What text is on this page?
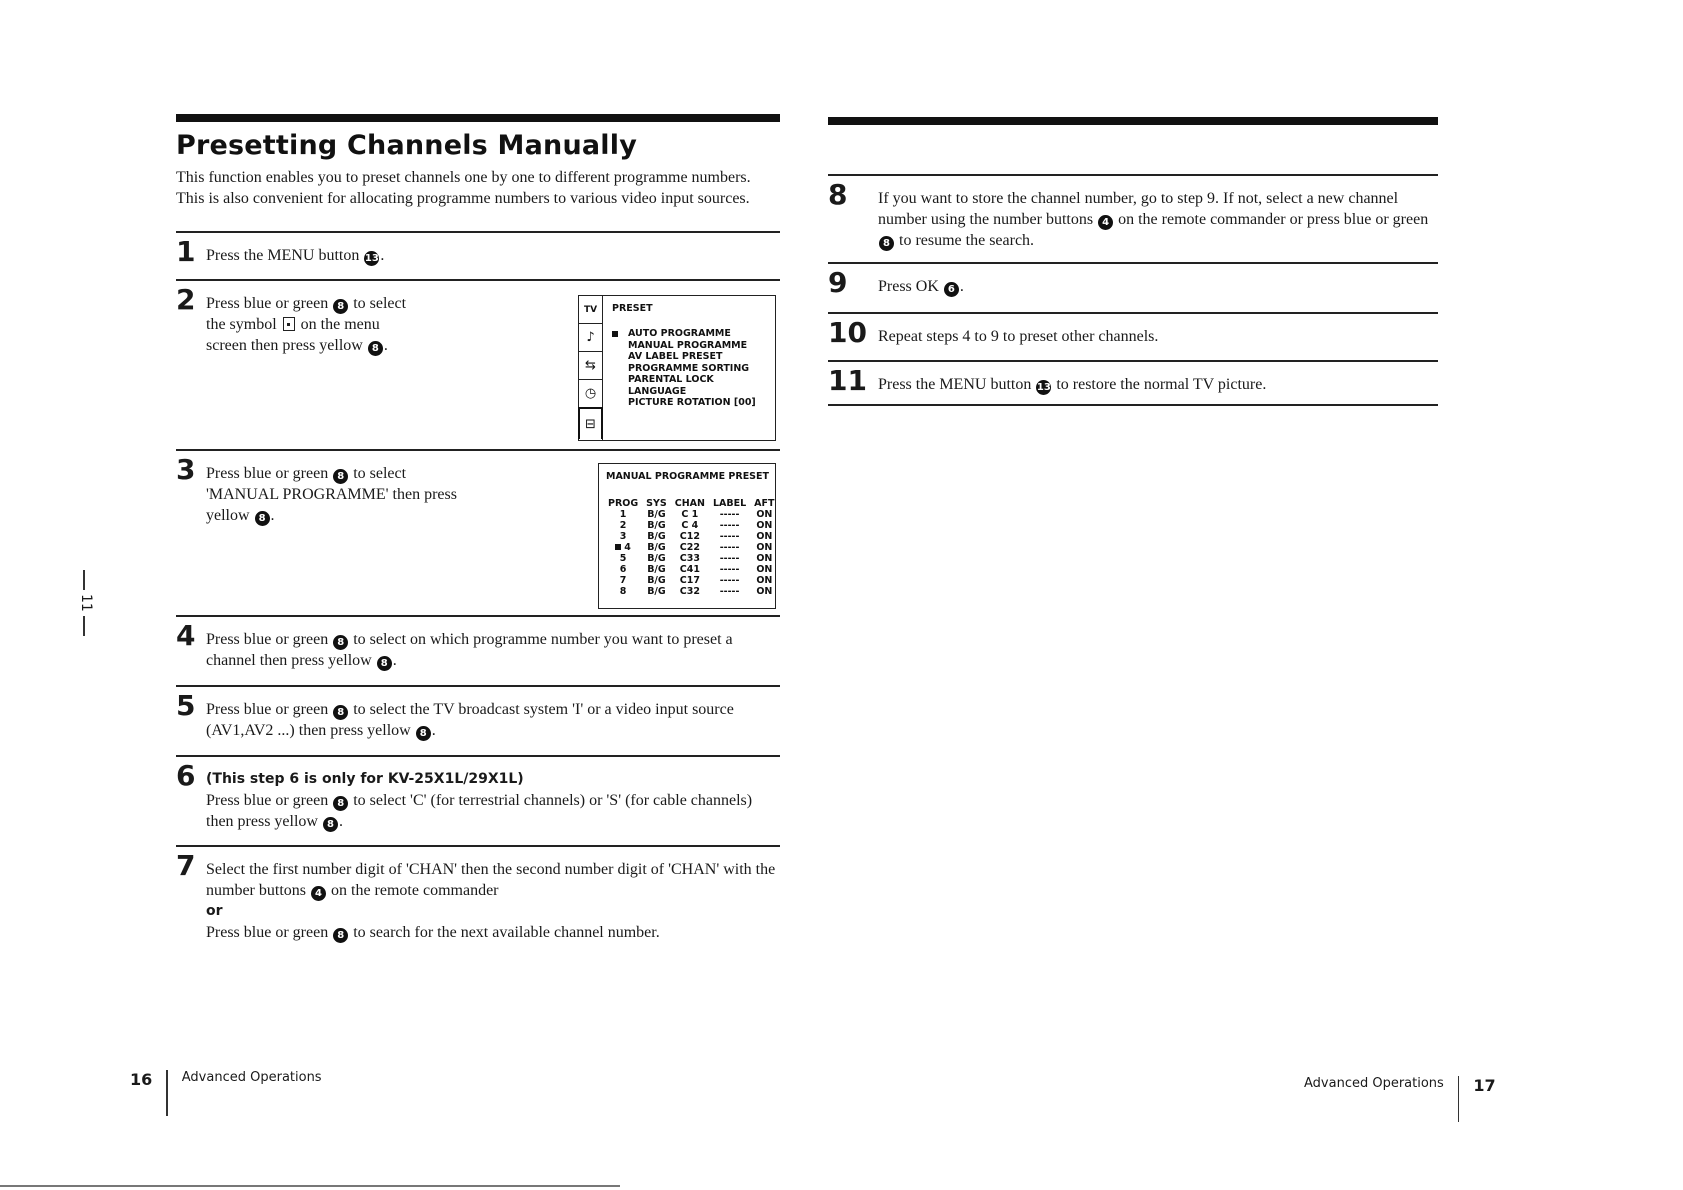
11
Presetting Channels Manually

This function enables you to preset channels one by one to different programme numbers. This is also convenient for allocating programme numbers to various video input sources.

1 Press the MENU button 13.
2 Press blue or green 8 to select the symbol  on the menu screen then press yellow 8 .
TV
♪
⇆
◷
⊟
PRESET
AUTO PROGRAMME
MANUAL PROGRAMME
AV LABEL PRESET
PROGRAMME SORTING
PARENTAL LOCK
LANGUAGE
PICTURE ROTATION [00]
3 Press blue or green 8 to select 'MANUAL PROGRAMME' then press yellow 8 .
MANUAL PROGRAMME PRESET
PROG	SYS	CHAN	LABEL	AFT
1	B/G	C 1	-----	ON
2	B/G	C 4	-----	ON
3	B/G	C12	-----	ON
4	B/G	C22	-----	ON
5	B/G	C33	-----	ON
6	B/G	C41	-----	ON
7	B/G	C17	-----	ON
8	B/G	C32	-----	ON
4 Press blue or green 8 to select on which programme number you want to preset a channel then press yellow 8 .
5 Press blue or green 8 to select the TV broadcast system 'I' or a video input source (AV1,AV2 ...) then press yellow 8 .
6 (This step 6 is only for KV-25X1L/29X1L)
Press blue or green 8 to select 'C' (for terrestrial channels) or 'S' (for cable channels) then press yellow 8 .
7 Select the first number digit of 'CHAN' then the second number digit of 'CHAN' with the number buttons 4 on the remote commander
or
Press blue or green 8 to search for the next available channel number.
8 If you want to store the channel number, go to step 9. If not, select a new channel number using the number buttons 4 on the remote commander or press blue or green 8 to resume the search.
9 Press OK 6 .
10 Repeat steps 4 to 9 to preset other channels.
11 Press the MENU button 13 to restore the normal TV picture.
16 Advanced Operations	Advanced Operations 17
